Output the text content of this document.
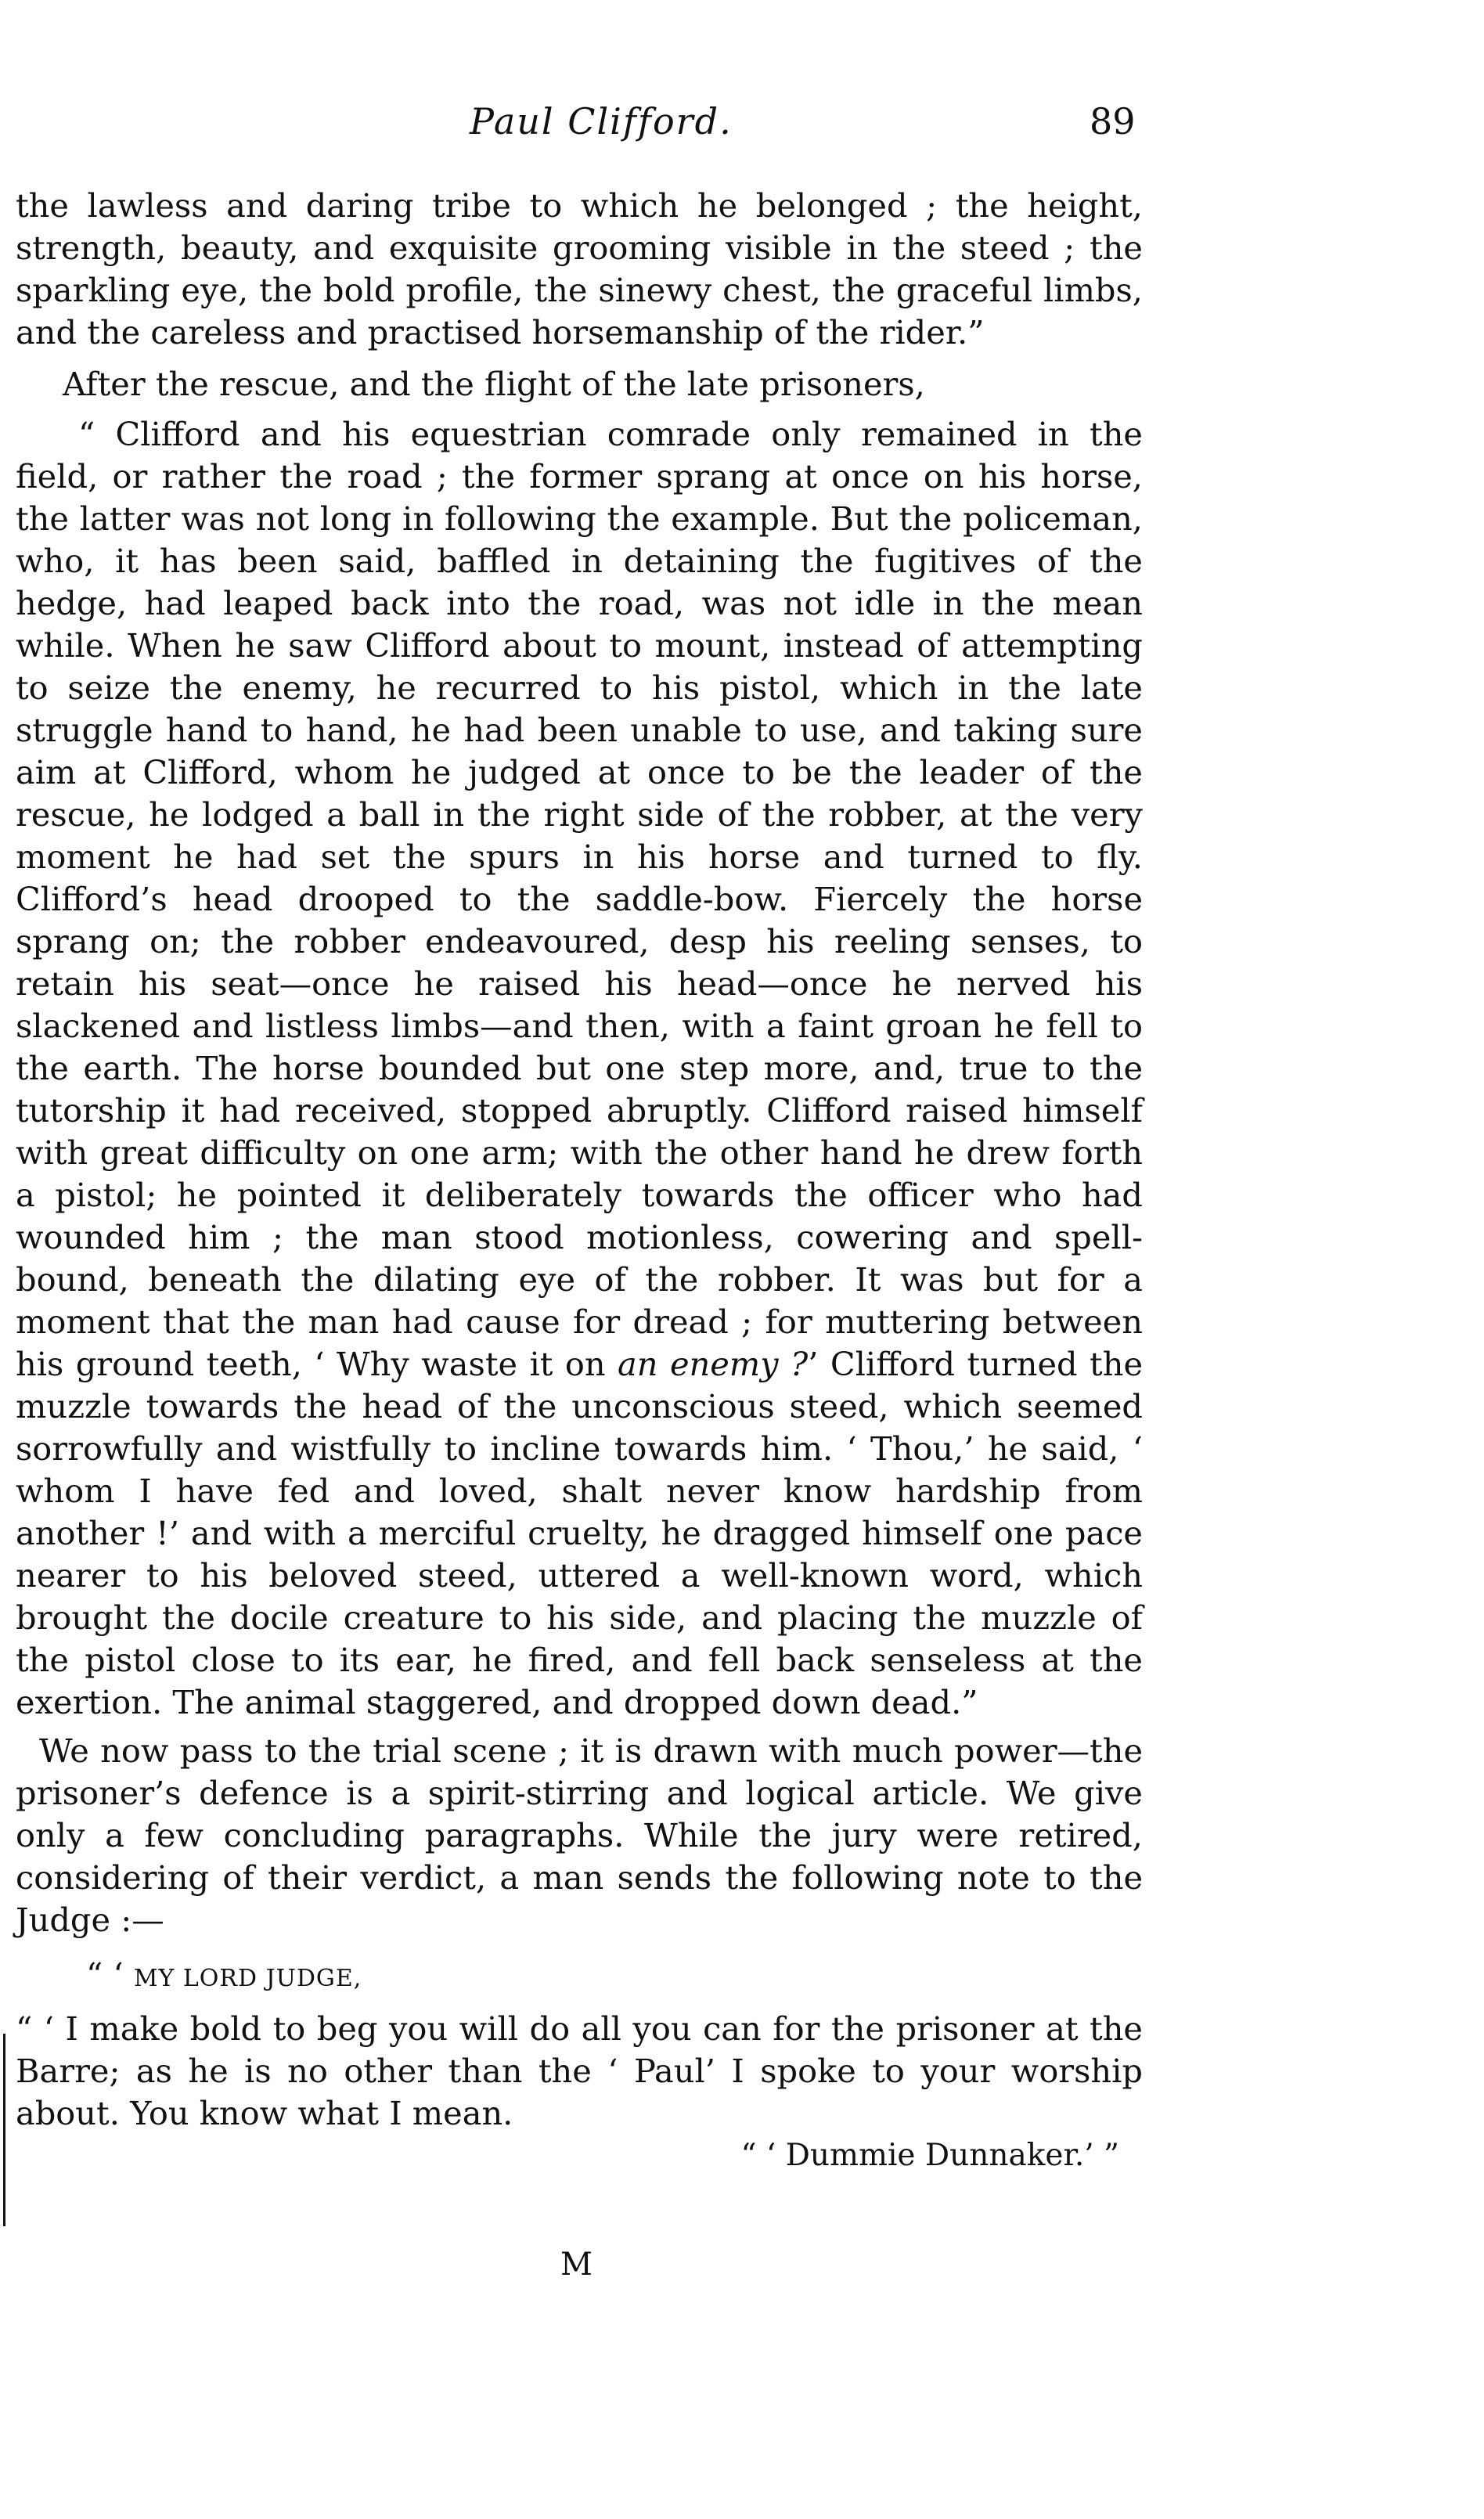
Paul Clifford.	89

the lawless and daring tribe to which he belonged ; the height, strength, beauty, and exquisite grooming visible in the steed ; the sparkling eye, the bold profile, the sinewy chest, the graceful limbs, and the careless and practised horsemanship of the rider.”

After the rescue, and the flight of the late prisoners,

“ Clifford and his equestrian comrade only remained in the field, or rather the road ; the former sprang at once on his horse, the latter was not long in following the example. But the policeman, who, it has been said, baffled in detaining the fugitives of the hedge, had leaped back into the road, was not idle in the mean while. When he saw Clifford about to mount, instead of attempting to seize the enemy, he recurred to his pistol, which in the late struggle hand to hand, he had been unable to use, and taking sure aim at Clifford, whom he judged at once to be the leader of the rescue, he lodged a ball in the right side of the robber, at the very moment he had set the spurs in his horse and turned to fly. Clifford’s head drooped to the saddle-bow. Fiercely the horse sprang on; the robber endeavoured, desp his reeling senses, to retain his seat—once he raised his head—once he nerved his slackened and listless limbs—and then, with a faint groan he fell to the earth. The horse bounded but one step more, and, true to the tutorship it had received, stopped abruptly. Clifford raised himself with great difficulty on one arm; with the other hand he drew forth a pistol; he pointed it deliberately towards the officer who had wounded him ; the man stood motionless, cowering and spell-bound, beneath the dilating eye of the robber. It was but for a moment that the man had cause for dread ; for muttering between his ground teeth, ‘ Why waste it on an enemy ?’ Clifford turned the muzzle towards the head of the unconscious steed, which seemed sorrowfully and wistfully to incline towards him. ‘ Thou,’ he said, ‘ whom I have fed and loved, shalt never know hardship from another !’ and with a merciful cruelty, he dragged himself one pace nearer to his beloved steed, uttered a well-known word, which brought the docile creature to his side, and placing the muzzle of the pistol close to its ear, he fired, and fell back senseless at the exertion. The animal staggered, and dropped down dead.”

We now pass to the trial scene ; it is drawn with much power—the prisoner’s defence is a spirit-stirring and logical article. We give only a few concluding paragraphs. While the jury were retired, considering of their verdict, a man sends the following note to the Judge :—

“ ‘ MY LORD JUDGE,

“ ‘ I make bold to beg you will do all you can for the prisoner at the Barre; as he is no other than the ‘ Paul’ I spoke to your worship about. You know what I mean.

“ ‘ Dummie Dunnaker.’ ”

M
